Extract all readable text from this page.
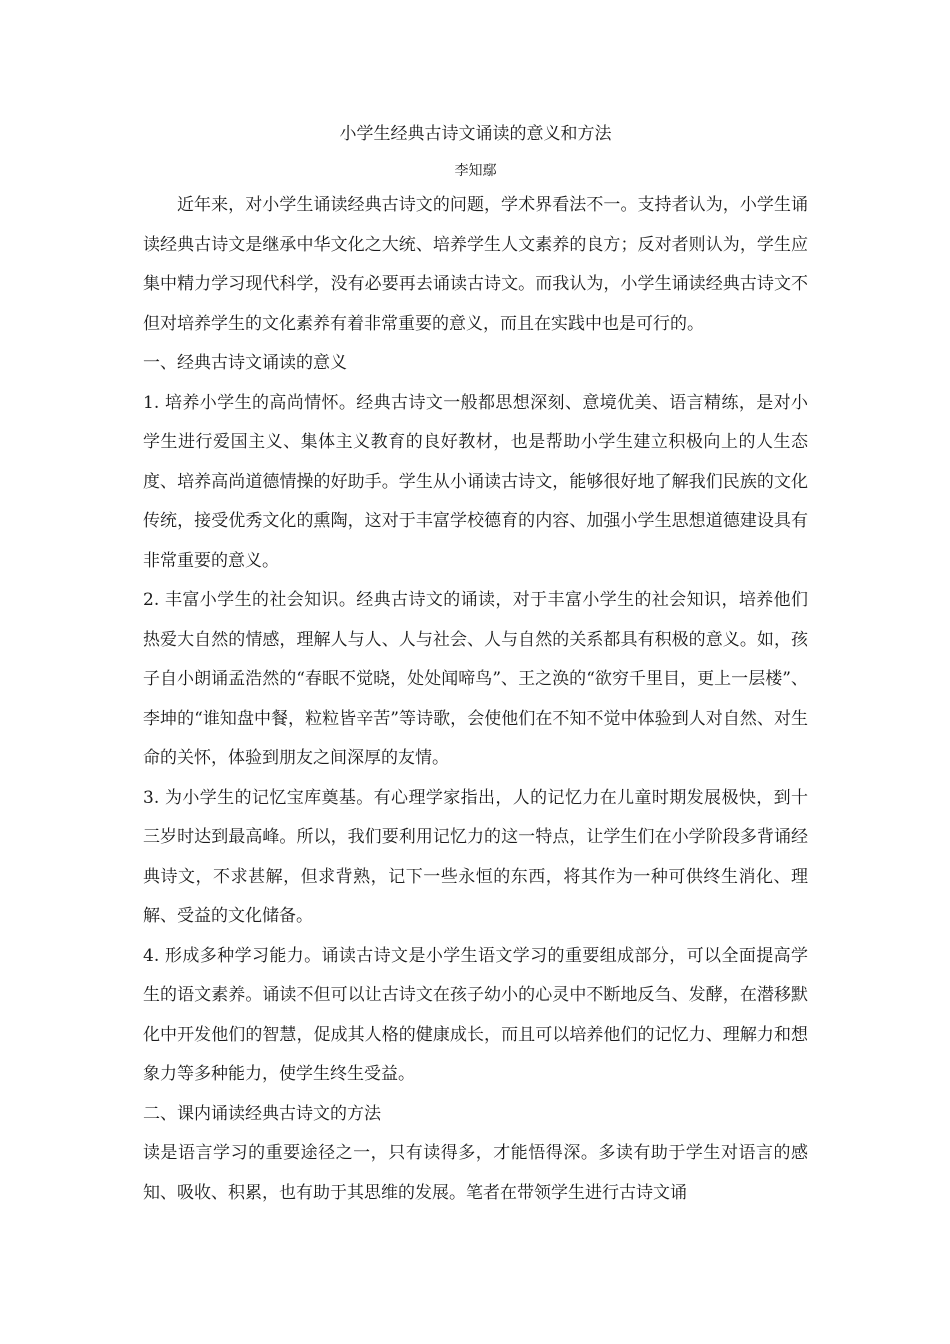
小学生经典古诗文诵读的意义和方法
李知鄢

近年来，对小学生诵读经典古诗文的问题，学术界看法不一。支持者认为，小学生诵读经典古诗文是继承中华文化之大统、培养学生人文素养的良方；反对者则认为，学生应集中精力学习现代科学，没有必要再去诵读古诗文。而我认为，小学生诵读经典古诗文不但对培养学生的文化素养有着非常重要的意义，而且在实践中也是可行的。

一、经典古诗文诵读的意义

1. 培养小学生的高尚情怀。经典古诗文一般都思想深刻、意境优美、语言精练，是对小学生进行爱国主义、集体主义教育的良好教材，也是帮助小学生建立积极向上的人生态度、培养高尚道德情操的好助手。学生从小诵读古诗文，能够很好地了解我们民族的文化传统，接受优秀文化的熏陶，这对于丰富学校德育的内容、加强小学生思想道德建设具有非常重要的意义。

2. 丰富小学生的社会知识。经典古诗文的诵读，对于丰富小学生的社会知识，培养他们热爱大自然的情感，理解人与人、人与社会、人与自然的关系都具有积极的意义。如，孩子自小朗诵孟浩然的“春眠不觉晓，处处闻啼鸟”、王之涣的“欲穷千里目，更上一层楼”、李坤的“谁知盘中餐，粒粒皆辛苦”等诗歌，会使他们在不知不觉中体验到人对自然、对生命的关怀，体验到朋友之间深厚的友情。

3. 为小学生的记忆宝库奠基。有心理学家指出，人的记忆力在儿童时期发展极快，到十三岁时达到最高峰。所以，我们要利用记忆力的这一特点，让学生们在小学阶段多背诵经典诗文，不求甚解，但求背熟，记下一些永恒的东西，将其作为一种可供终生消化、理解、受益的文化储备。

4. 形成多种学习能力。诵读古诗文是小学生语文学习的重要组成部分，可以全面提高学生的语文素养。诵读不但可以让古诗文在孩子幼小的心灵中不断地反刍、发酵，在潜移默化中开发他们的智慧，促成其人格的健康成长，而且可以培养他们的记忆力、理解力和想象力等多种能力，使学生终生受益。

二、课内诵读经典古诗文的方法

读是语言学习的重要途径之一，只有读得多，才能悟得深。多读有助于学生对语言的感知、吸收、积累，也有助于其思维的发展。笔者在带领学生进行古诗文诵
